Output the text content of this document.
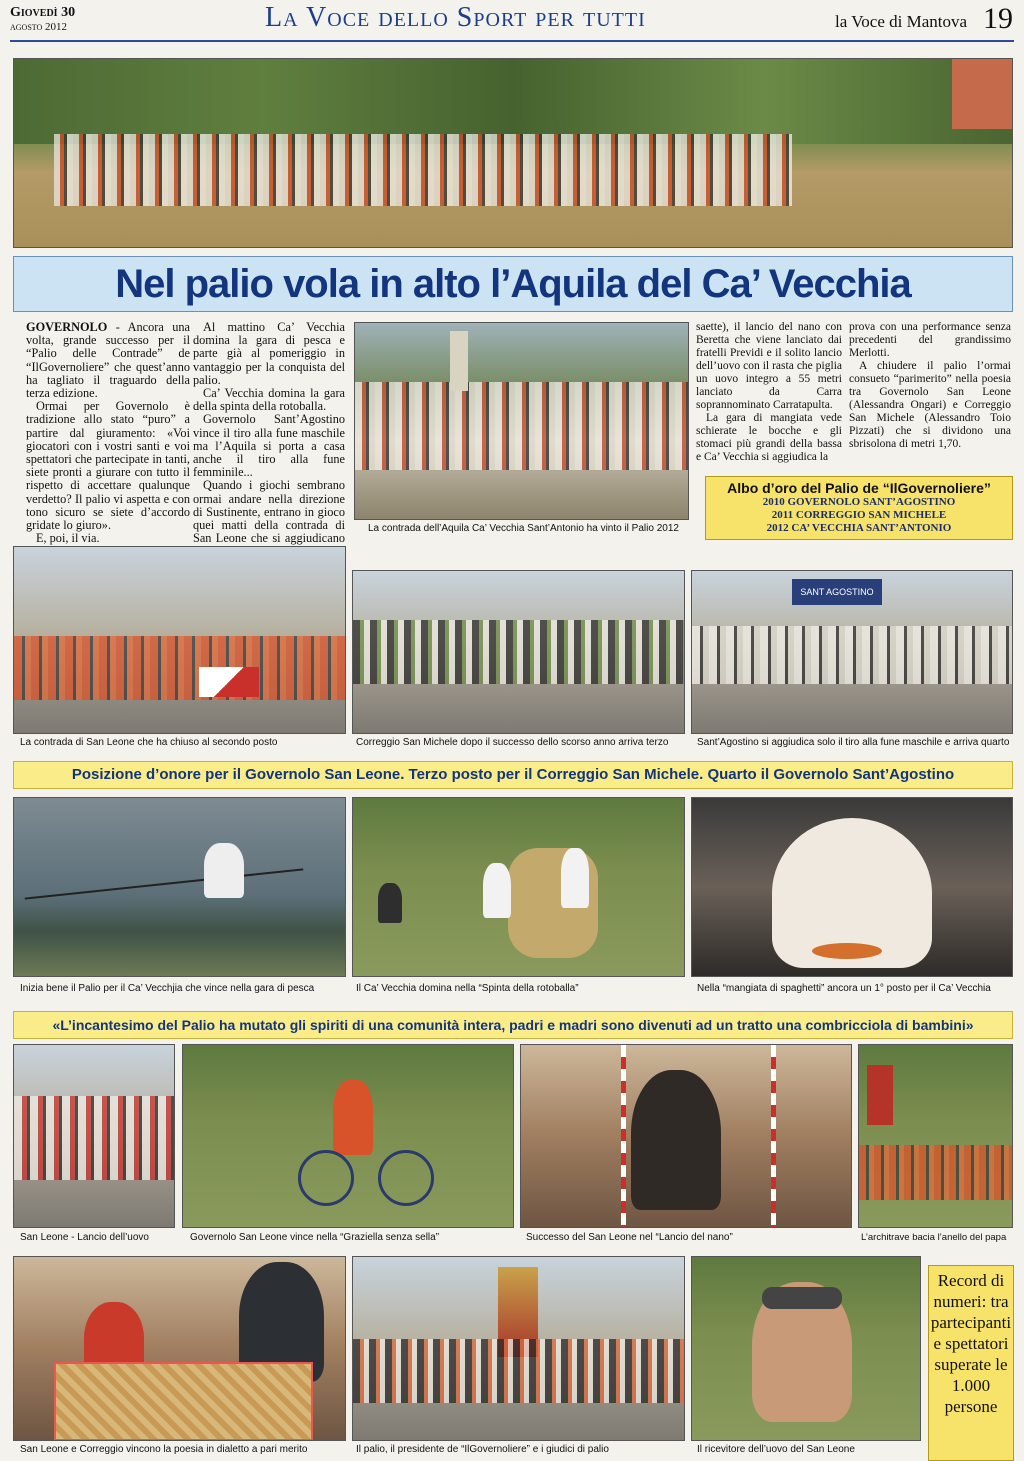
Giovedì 30
agosto 2012	La Voce dello Sport per tutti	la Voce di Mantova 19
Nel palio vola in alto l’Aquila del Ca’ Vecchia

GOVERNOLO - Ancora una volta, grande successo per il “Palio delle Contrade” de “IlGovernoliere” che quest’anno ha tagliato il traguardo della terza edizione.

Ormai per Governolo è tradizione allo stato “puro” a partire dal giuramento: «Voi giocatori con i vostri santi e voi spettatori che partecipate in tanti, siete pronti a giurare con tutto il rispetto di accettare qualunque verdetto? Il palio vi aspetta e con tono sicuro se siete d’accordo gridate lo giuro».

E, poi, il via.

Al mattino Ca’ Vecchia domina la gara di pesca e parte già al pomeriggio in vantaggio per la conquista del palio.

Ca’ Vecchia domina la gara della spinta della rotoballa.

Governolo Sant’Agostino vince il tiro alla fune maschile ma l’Aquila si porta a casa anche il tiro alla fune femminile...

Quando i giochi sembrano ormai andare nella direzione di Sustinente, entrano in gioco quei matti della contrada di San Leone che si aggiudicano

saette), il lancio del nano con Beretta che viene lanciato dai fratelli Previdi e il solito lancio dell’uovo con il rasta che piglia un uovo integro a 55 metri lanciato da Carra soprannominato Carratapulta.

La gara di mangiata vede schierate le bocche e gli stomaci più grandi della bassa e Ca’ Vecchia si aggiudica la

prova con una performance senza precedenti del grandissimo Merlotti.

A chiudere il palio l’ormai consueto “parimerito” nella poesia tra Governolo San Leone (Alessandra Ongari) e Correggio San Michele (Alessandro Toio Pizzati) che si dividono una sbrisolona di metri 1,70.

La contrada dell’Aquila Ca’ Vecchia Sant’Antonio ha vinto il Palio 2012
Albo d’oro del Palio de “IlGovernoliere”
2010 GOVERNOLO SANT’AGOSTINO
2011 CORREGGIO SAN MICHELE
2012 CA’ VECCHIA SANT’ANTONIO
La contrada di San Leone che ha chiuso al secondo posto	Correggio San Michele dopo il successo dello scorso anno arriva terzo
SANT AGOSTINO
Sant’Agostino si aggiudica solo il tiro alla fune maschile e arriva quarto
Posizione d’onore per il Governolo San Leone. Terzo posto per il Correggio San Michele. Quarto il Governolo Sant’Agostino
Inizia bene il Palio per il Ca’ Vecchjia che vince nella gara di pesca	Il Ca’ Vecchia domina nella “Spinta della rotoballa”	Nella “mangiata di spaghetti” ancora un 1° posto per il Ca’ Vecchia
«L’incantesimo del Palio ha mutato gli spiriti di una comunità intera, padri e madri sono divenuti ad un tratto una combricciola di bambini»
San Leone - Lancio dell’uovo	Governolo San Leone vince nella “Graziella senza sella”	Successo del San Leone nel “Lancio del nano”	L’architrave bacia l’anello del papa
San Leone e Correggio vincono la poesia in dialetto a pari merito	Il palio, il presidente de “IlGovernoliere” e i giudici di palio	Il ricevitore dell’uovo del San Leone
Record di numeri: tra partecipanti e spettatori superate le 1.000 persone
